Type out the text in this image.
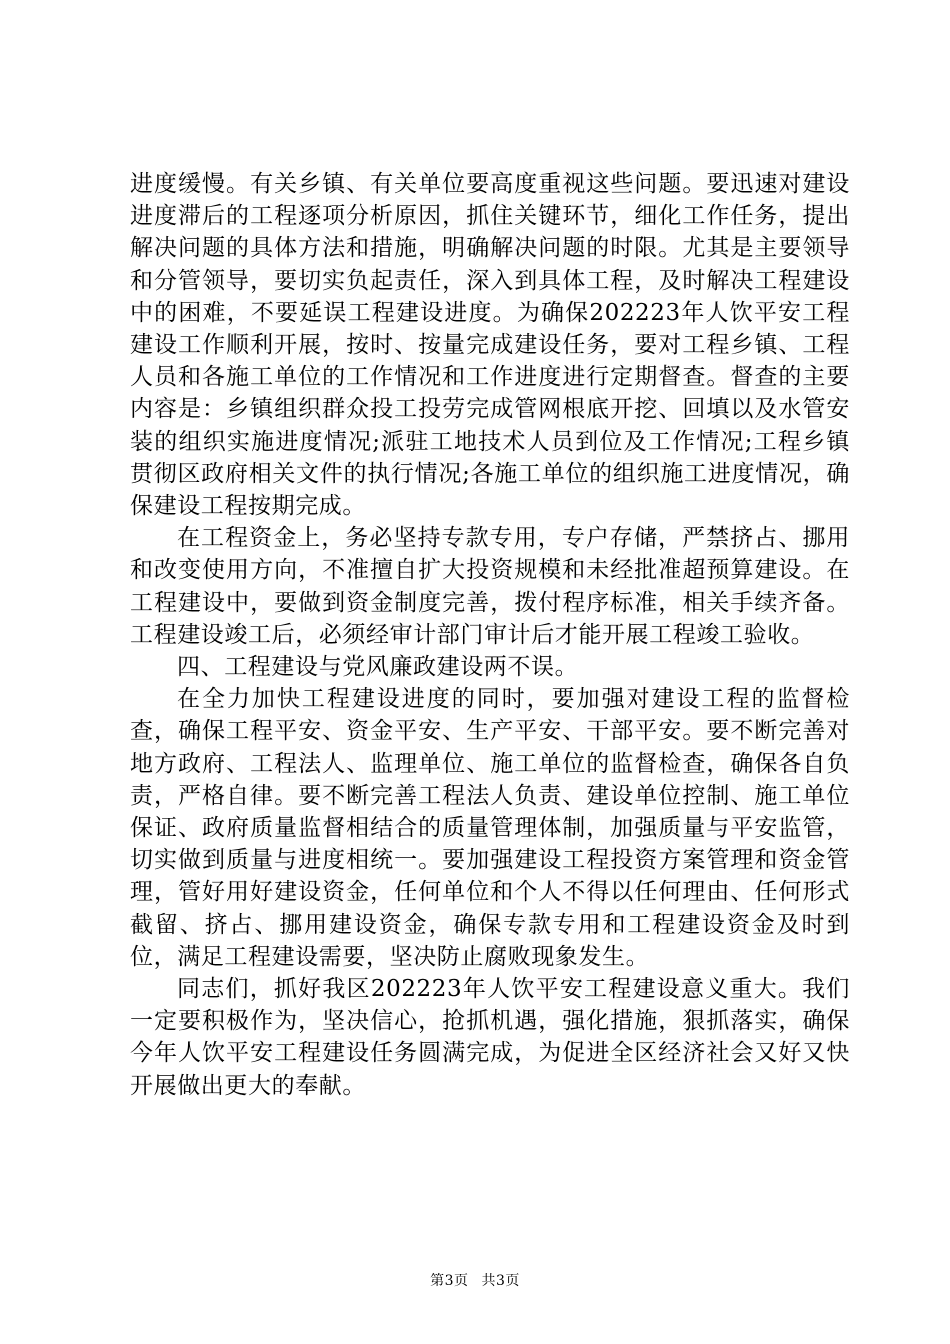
进度缓慢。有关乡镇、有关单位要高度重视这些问题。要迅速对建设进度滞后的工程逐项分析原因，抓住关键环节，细化工作任务，提出解决问题的具体方法和措施，明确解决问题的时限。尤其是主要领导和分管领导，要切实负起责任，深入到具体工程，及时解决工程建设中的困难，不要延误工程建设进度。为确保202223年人饮平安工程建设工作顺利开展，按时、按量完成建设任务，要对工程乡镇、工程人员和各施工单位的工作情况和工作进度进行定期督查。督查的主要内容是：乡镇组织群众投工投劳完成管网根底开挖、回填以及水管安装的组织实施进度情况;派驻工地技术人员到位及工作情况;工程乡镇贯彻区政府相关文件的执行情况;各施工单位的组织施工进度情况，确保建设工程按期完成。

在工程资金上，务必坚持专款专用，专户存储，严禁挤占、挪用和改变使用方向，不准擅自扩大投资规模和未经批准超预算建设。在工程建设中，要做到资金制度完善，拨付程序标准，相关手续齐备。工程建设竣工后，必须经审计部门审计后才能开展工程竣工验收。

四、工程建设与党风廉政建设两不误。

在全力加快工程建设进度的同时，要加强对建设工程的监督检查，确保工程平安、资金平安、生产平安、干部平安。要不断完善对地方政府、工程法人、监理单位、施工单位的监督检查，确保各自负责，严格自律。要不断完善工程法人负责、建设单位控制、施工单位保证、政府质量监督相结合的质量管理体制，加强质量与平安监管，切实做到质量与进度相统一。要加强建设工程投资方案管理和资金管理，管好用好建设资金，任何单位和个人不得以任何理由、任何形式截留、挤占、挪用建设资金，确保专款专用和工程建设资金及时到位，满足工程建设需要，坚决防止腐败现象发生。

同志们，抓好我区202223年人饮平安工程建设意义重大。我们一定要积极作为，坚决信心，抢抓机遇，强化措施，狠抓落实，确保今年人饮平安工程建设任务圆满完成，为促进全区经济社会又好又快开展做出更大的奉献。

第3页 共3页
